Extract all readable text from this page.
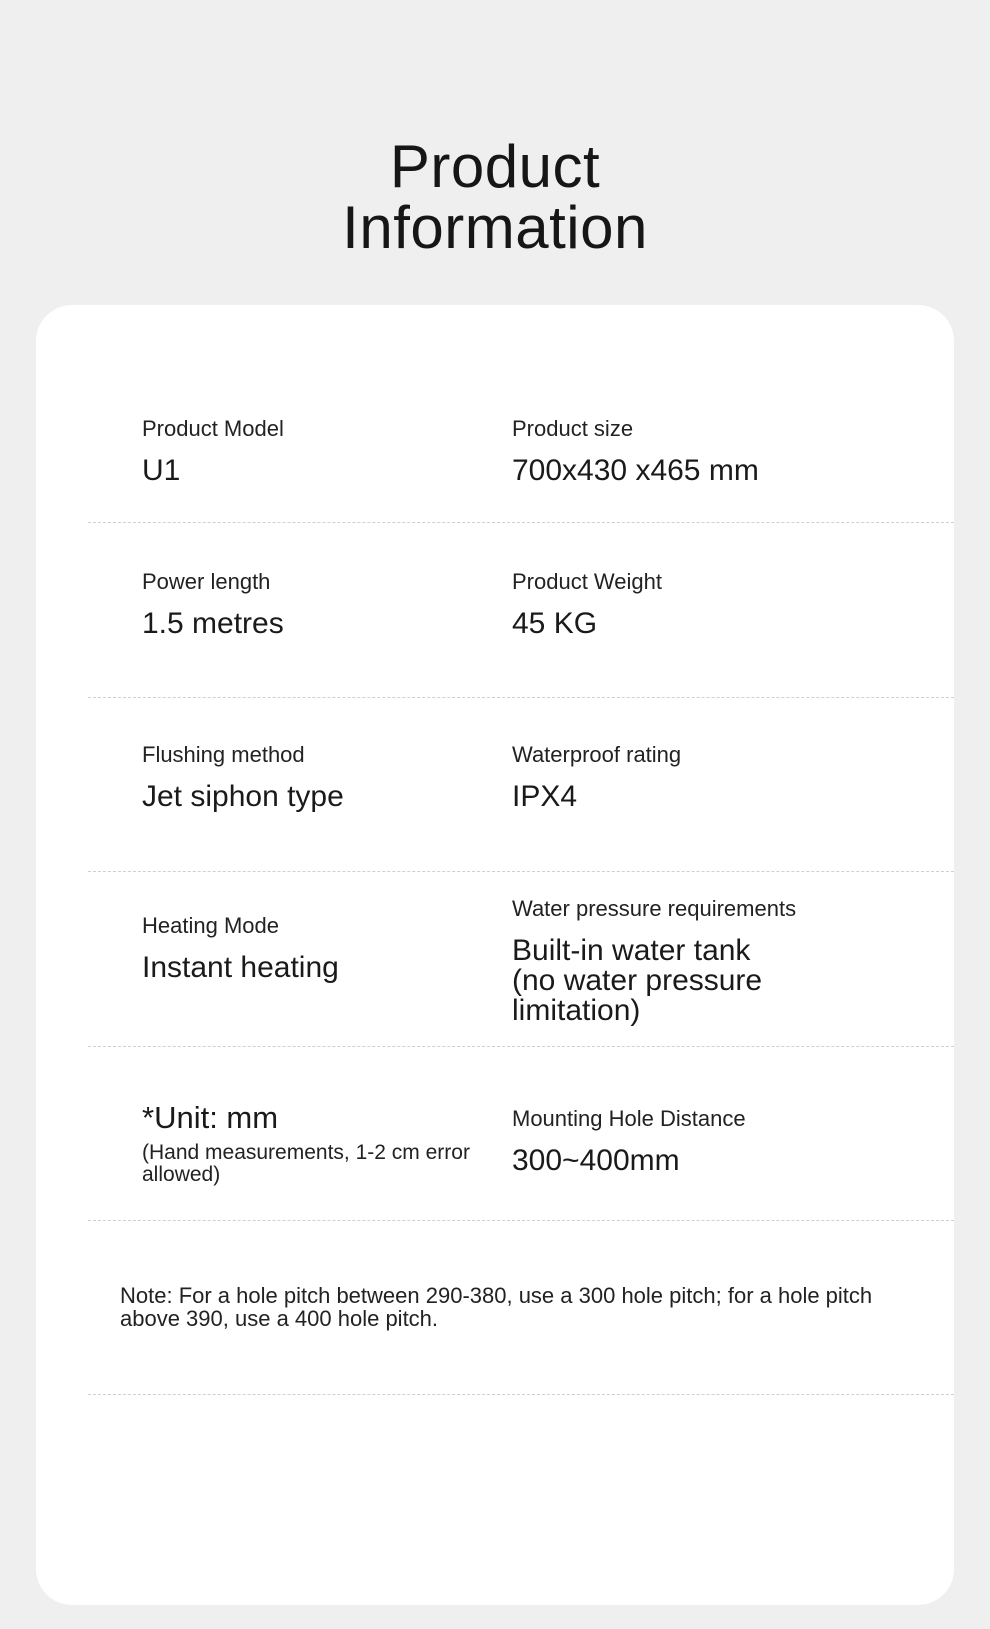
Product
Information

Product Model

U1

Product size

700x430 x465 mm

Power length

1.5 metres

Product Weight

45 KG

Flushing method

Jet siphon type

Waterproof rating

IPX4

Heating Mode

Instant heating

Water pressure requirements

Built-in water tank

(no water pressure

limitation)

*Unit: mm

(Hand measurements, 1-2 cm error allowed)

Mounting Hole Distance

300~400mm

Note: For a hole pitch between 290-380, use a 300 hole pitch; for a hole pitch above 390, use a 400 hole pitch.
